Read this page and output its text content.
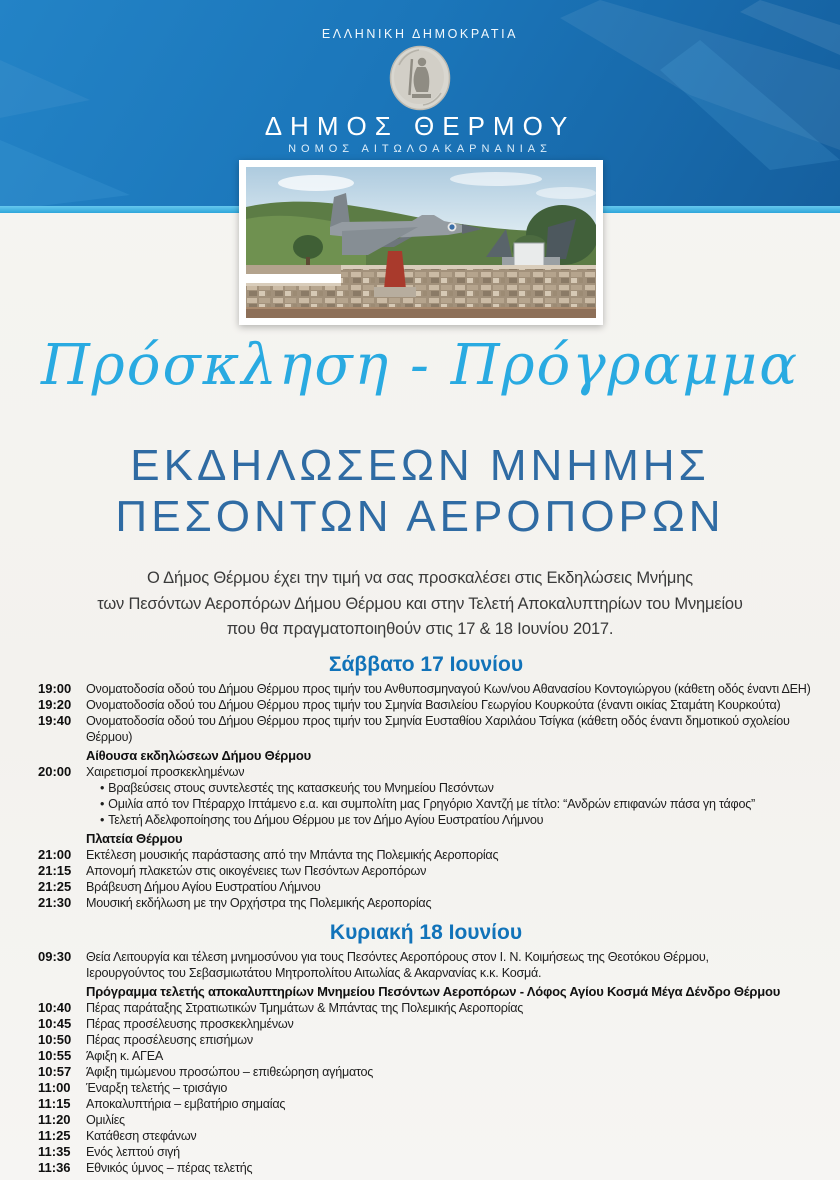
ΕΛΛΗΝΙΚΗ ΔΗΜΟΚΡΑΤΙΑ
ΔΗΜΟΣ ΘΕΡΜΟΥ
ΝΟΜΟΣ ΑΙΤΩΛΟΑΚΑΡΝΑΝΙΑΣ
Πρόσκληση - Πρόγραμμα
ΕΚΔΗΛΩΣΕΩΝ ΜΝΗΜΗΣ
ΠΕΣΟΝΤΩΝ ΑΕΡΟΠΟΡΩΝ
Ο Δήμος Θέρμου έχει την τιμή να σας προσκαλέσει στις Εκδηλώσεις Μνήμης
των Πεσόντων Αεροπόρων Δήμου Θέρμου και στην Τελετή Αποκαλυπτηρίων του Μνημείου
που θα πραγματοποιηθούν στις 17 & 18 Ιουνίου 2017.
Σάββατο 17 Ιουνίου
19:00	Ονοματοδοσία οδού του Δήμου Θέρμου προς τιμήν του Ανθυποσμηναγού Κων/νου Αθανασίου Κοντογιώργου (κάθετη οδός έναντι ΔΕΗ)
19:20	Ονοματοδοσία οδού του Δήμου Θέρμου προς τιμήν του Σμηνία Βασιλείου Γεωργίου Κουρκούτα (έναντι οικίας Σταμάτη Κουρκούτα)
19:40	Ονοματοδοσία οδού του Δήμου Θέρμου προς τιμήν του Σμηνία Ευσταθίου Χαριλάου Τσίγκα (κάθετη οδός έναντι δημοτικού σχολείου Θέρμου)
Αίθουσα εκδηλώσεων Δήμου Θέρμου
20:00	Χαιρετισμοί προσκεκλημένων
• Βραβεύσεις στους συντελεστές της κατασκευής του Μνημείου Πεσόντων
• Ομιλία από τον Πτέραρχο Ιπτάμενο ε.α. και συμπολίτη μας Γρηγόριο Χαντζή με τίτλο: “Ανδρών επιφανών πάσα γη τάφος”
• Τελετή Αδελφοποίησης του Δήμου Θέρμου με τον Δήμο Αγίου Ευστρατίου Λήμνου
Πλατεία Θέρμου
21:00	Εκτέλεση μουσικής παράστασης από την Μπάντα της Πολεμικής Αεροπορίας
21:15	Απονομή πλακετών στις οικογένειες των Πεσόντων Αεροπόρων
21:25	Βράβευση Δήμου Αγίου Ευστρατίου Λήμνου
21:30	Μουσική εκδήλωση με την Ορχήστρα της Πολεμικής Αεροπορίας
Κυριακή 18 Ιουνίου
09:30	Θεία Λειτουργία και τέλεση μνημοσύνου για τους Πεσόντες Αεροπόρους στον Ι. Ν. Κοιμήσεως της Θεοτόκου Θέρμου,
Ιερουργούντος του Σεβασμιωτάτου Μητροπολίτου Αιτωλίας & Ακαρνανίας κ.κ. Κοσμά.
Πρόγραμμα τελετής αποκαλυπτηρίων Μνημείου Πεσόντων Αεροπόρων - Λόφος Αγίου Κοσμά Μέγα Δένδρο Θέρμου
10:40	Πέρας παράταξης Στρατιωτικών Τμημάτων & Μπάντας της Πολεμικής Αεροπορίας
10:45	Πέρας προσέλευσης προσκεκλημένων
10:50	Πέρας προσέλευσης επισήμων
10:55	Άφιξη κ. ΑΓΕΑ
10:57	Άφιξη τιμώμενου προσώπου – επιθεώρηση αγήματος
11:00	Έναρξη τελετής – τρισάγιο
11:15	Αποκαλυπτήρια – εμβατήριο σημαίας
11:20	Ομιλίες
11:25	Κατάθεση στεφάνων
11:35	Ενός λεπτού σιγή
11:36	Εθνικός ύμνος – πέρας τελετής
